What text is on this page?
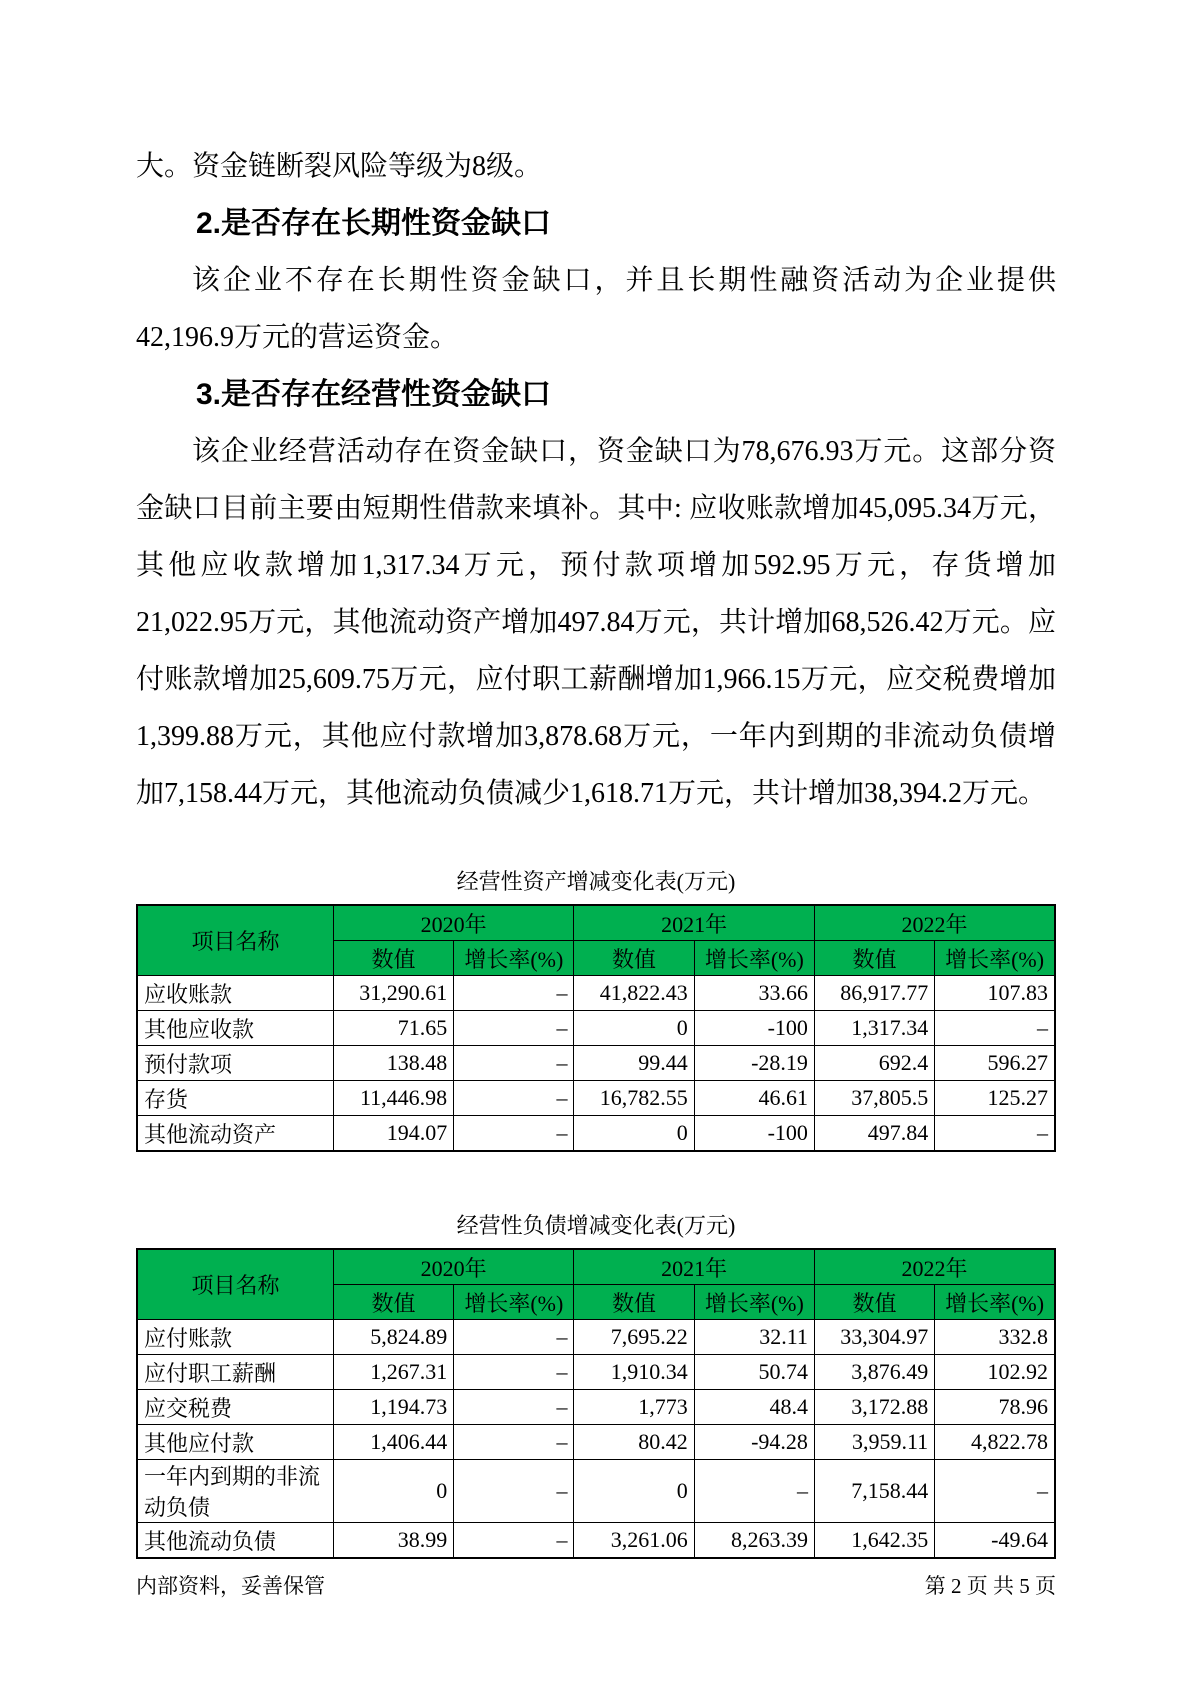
大。资金链断裂风险等级为8级。

2.是否存在长期性资金缺口

该企业不存在长期性资金缺口，并且长期性融资活动为企业提供42,196.9万元的营运资金。

3.是否存在经营性资金缺口

该企业经营活动存在资金缺口，资金缺口为78,676.93万元。这部分资金缺口目前主要由短期性借款来填补。其中: 应收账款增加45,095.34万元，其他应收款增加1,317.34万元，预付款项增加592.95万元，存货增加21,022.95万元，其他流动资产增加497.84万元，共计增加68,526.42万元。应付账款增加25,609.75万元，应付职工薪酬增加1,966.15万元，应交税费增加1,399.88万元，其他应付款增加3,878.68万元，一年内到期的非流动负债增加7,158.44万元，其他流动负债减少1,618.71万元，共计增加38,394.2万元。

经营性资产增减变化表(万元)

项目名称	2020年		2021年		2022年	
	数值	增长率(%)	数值	增长率(%)	数值	增长率(%)
应收账款	31,290.61	–	41,822.43	33.66	86,917.77	107.83
其他应收款	71.65	–	0	-100	1,317.34	–
预付款项	138.48	–	99.44	-28.19	692.4	596.27
存货	11,446.98	–	16,782.55	46.61	37,805.5	125.27
其他流动资产	194.07	–	0	-100	497.84	–

经营性负债增减变化表(万元)

项目名称	2020年		2021年		2022年	
	数值	增长率(%)	数值	增长率(%)	数值	增长率(%)
应付账款	5,824.89	–	7,695.22	32.11	33,304.97	332.8
应付职工薪酬	1,267.31	–	1,910.34	50.74	3,876.49	102.92
应交税费	1,194.73	–	1,773	48.4	3,172.88	78.96
其他应付款	1,406.44	–	80.42	-94.28	3,959.11	4,822.78
一年内到期的非流动负债	0	–	0	–	7,158.44	–
其他流动负债	38.99	–	3,261.06	8,263.39	1,642.35	-49.64
内部资料，妥善保管	第 2 页 共 5 页
